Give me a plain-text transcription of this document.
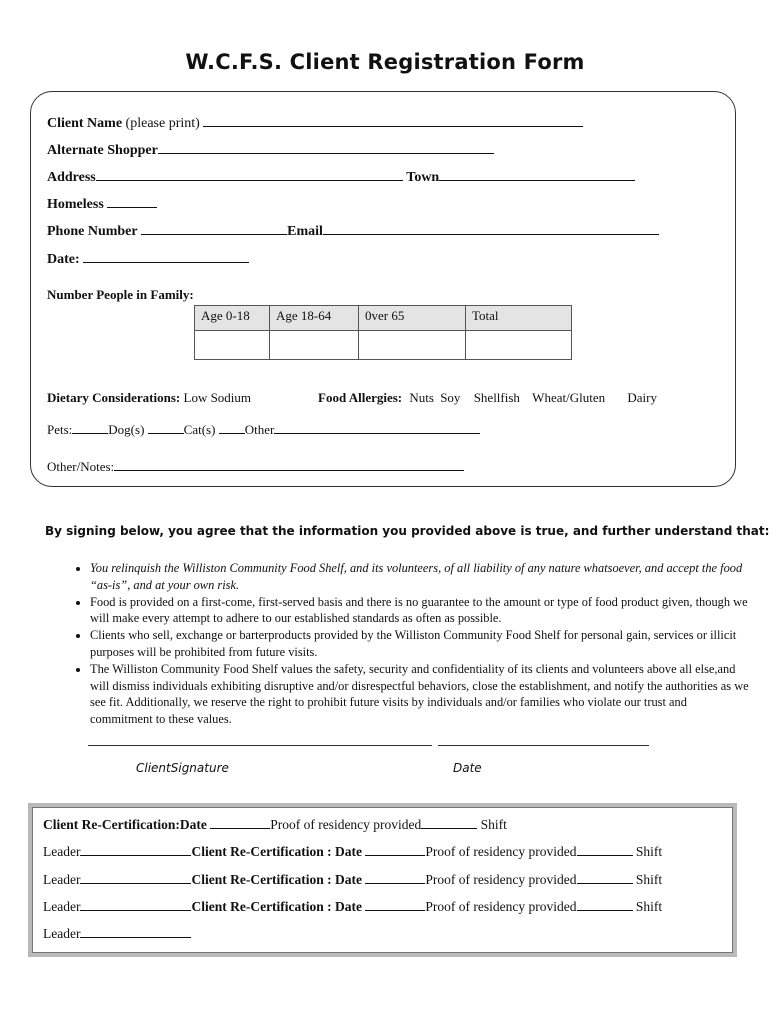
W.C.F.S. Client Registration Form
Client Name (please print)
Alternate Shopper
Address	Town
Homeless
Phone Number	Email
Date:
Number People in Family:
Age 0-18	Age 18-64	0ver 65	Total

Dietary Considerations: Low Sodium	Food Allergies: Nuts Soy Shellfish Wheat/Gluten Dairy
Pets:	Dog(s)	Cat(s) Other
Other/Notes:
By signing below, you agree that the information you provided above is true, and further understand that:
• You relinquish the Williston Community Food Shelf, and its volunteers, of all liability of any nature whatsoever, and accept the food “as-is”, and at your own risk.
• Food is provided on a first-come, first-served basis and there is no guarantee to the amount or type of food product given, though we will make every attempt to adhere to our established standards as often as possible.
• Clients who sell, exchange or barterproducts provided by the Williston Community Food Shelf for personal gain, services or illicit purposes will be prohibited from future visits.
• The Williston Community Food Shelf values the safety, security and confidentiality of its clients and volunteers above all else,and will dismiss individuals exhibiting disruptive and/or disrespectful behaviors, close the establishment, and notify the authorities as we see fit. Additionally, we reserve the right to prohibit future visits by individuals and/or families who violate our trust and commitment to these values.
ClientSignature	Date
Client Re-Certification:Date	Proof of residency provided	Shift
Leader	Client Re-Certification : Date	Proof of residency provided	Shift
Leader	Client Re-Certification : Date	Proof of residency provided	Shift
Leader	Client Re-Certification : Date	Proof of residency provided	Shift
Leader
